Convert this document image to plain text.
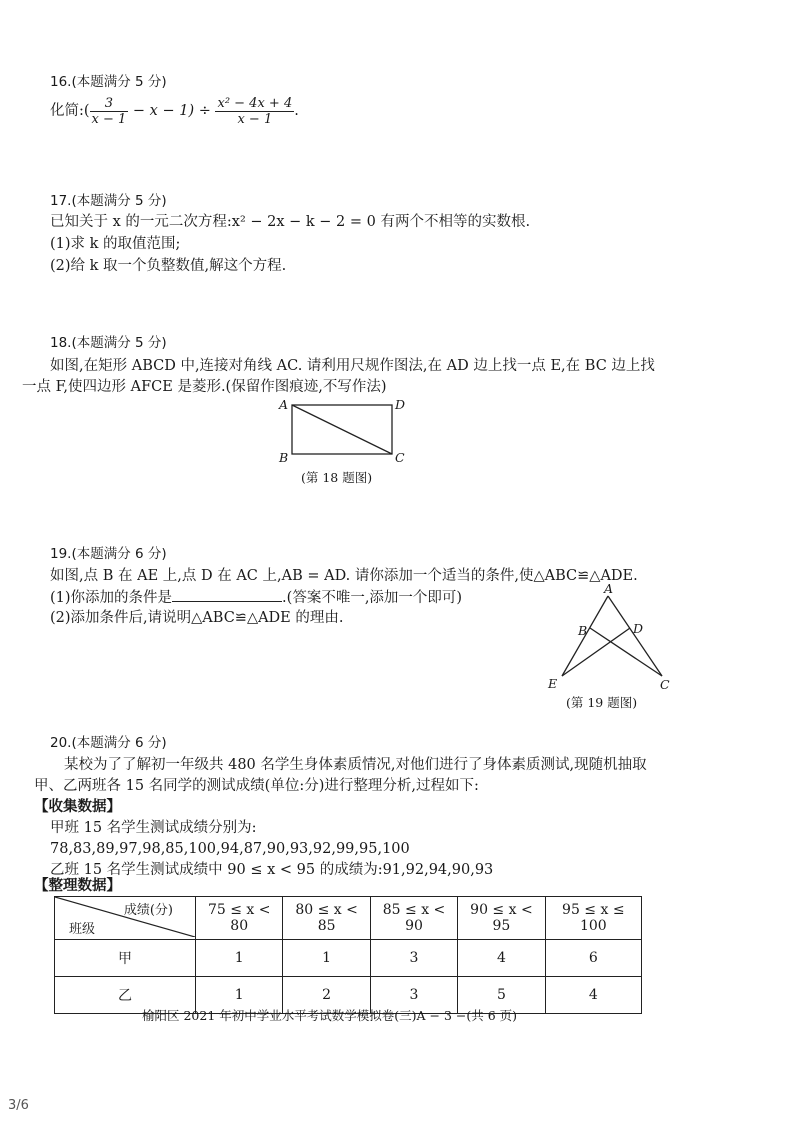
16.(本题满分 5 分)
化简:( $\frac{3}{x - 1} - x - 1) \div \frac{\text{x² − 4x + 4}}{x - 1}$ .
17.(本题满分 5 分)
已知关于 x 的一元二次方程:x² − 2x − k − 2 = 0 有两个不相等的实数根.
(1)求 k 的取值范围;
(2)给 k 取一个负整数值,解这个方程.
18.(本题满分 5 分)
如图,在矩形 ABCD 中,连接对角线 AC. 请利用尺规作图法,在 AD 边上找一点 E,在 BC 边上找
一点 F,使四边形 AFCE 是菱形.(保留作图痕迹,不写作法)
A	D
B	C
(第 18 题图)
19.(本题满分 6 分)
如图,点 B 在 AE 上,点 D 在 AC 上,AB = AD. 请你添加一个适当的条件,使△ABC≌△ADE.
(1)你添加的条件是	.(答案不唯一,添加一个即可)
(2)添加条件后,请说明△ABC≌△ADE 的理由.
A
B	D
E	C
(第 19 题图)
20.(本题满分 6 分)
某校为了了解初一年级共 480 名学生身体素质情况,对他们进行了身体素质测试,现随机抽取
甲、乙两班各 15 名同学的测试成绩(单位:分)进行整理分析,过程如下:
【收集数据】
甲班 15 名学生测试成绩分别为:
78,83,89,97,98,85,100,94,87,90,93,92,99,95,100
乙班 15 名学生测试成绩中 90 ≤ x < 95 的成绩为:91,92,94,90,93
【整理数据】
成绩(分)
班级	75 ≤ x < 80	80 ≤ x < 85	85 ≤ x < 90	90 ≤ x < 95	95 ≤ x ≤ 100
甲	1	1	3	4	6
乙	1	2	3	5	4
榆阳区 2021 年初中学业水平考试数学模拟卷(三)A − 3 −(共 6 页)
3/6
